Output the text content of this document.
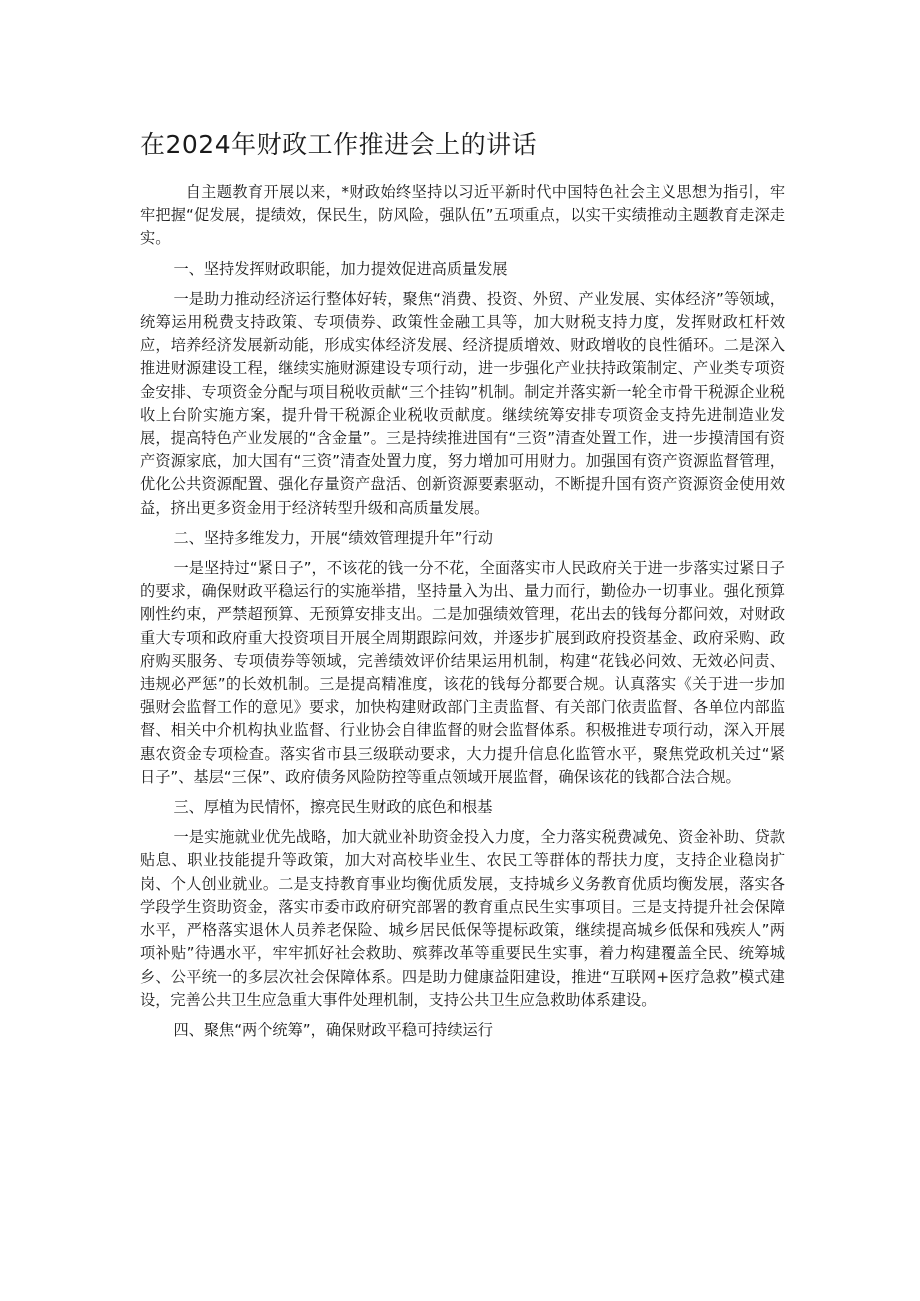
在2024年财政工作推进会上的讲话

自主题教育开展以来，*财政始终坚持以习近平新时代中国特色社会主义思想为指引，牢牢把握“促发展，提绩效，保民生，防风险，强队伍”五项重点，以实干实绩推动主题教育走深走实。

一、坚持发挥财政职能，加力提效促进高质量发展

一是助力推动经济运行整体好转，聚焦“消费、投资、外贸、产业发展、实体经济”等领域，统筹运用税费支持政策、专项债券、政策性金融工具等，加大财税支持力度，发挥财政杠杆效应，培养经济发展新动能，形成实体经济发展、经济提质增效、财政增收的良性循环。二是深入推进财源建设工程，继续实施财源建设专项行动，进一步强化产业扶持政策制定、产业类专项资金安排、专项资金分配与项目税收贡献“三个挂钩”机制。制定并落实新一轮全市骨干税源企业税收上台阶实施方案，提升骨干税源企业税收贡献度。继续统筹安排专项资金支持先进制造业发展，提高特色产业发展的“含金量”。三是持续推进国有“三资”清查处置工作，进一步摸清国有资产资源家底，加大国有“三资”清查处置力度，努力增加可用财力。加强国有资产资源监督管理，优化公共资源配置、强化存量资产盘活、创新资源要素驱动，不断提升国有资产资源资金使用效益，挤出更多资金用于经济转型升级和高质量发展。

二、坚持多维发力，开展“绩效管理提升年”行动

一是坚持过“紧日子”，不该花的钱一分不花，全面落实市人民政府关于进一步落实过紧日子的要求，确保财政平稳运行的实施举措，坚持量入为出、量力而行，勤俭办一切事业。强化预算刚性约束，严禁超预算、无预算安排支出。二是加强绩效管理，花出去的钱每分都问效，对财政重大专项和政府重大投资项目开展全周期跟踪问效，并逐步扩展到政府投资基金、政府采购、政府购买服务、专项债券等领域，完善绩效评价结果运用机制，构建“花钱必问效、无效必问责、违规必严惩”的长效机制。三是提高精准度，该花的钱每分都要合规。认真落实《关于进一步加强财会监督工作的意见》要求，加快构建财政部门主责监督、有关部门依责监督、各单位内部监督、相关中介机构执业监督、行业协会自律监督的财会监督体系。积极推进专项行动，深入开展惠农资金专项检查。落实省市县三级联动要求，大力提升信息化监管水平，聚焦党政机关过“紧日子”、基层“三保”、政府债务风险防控等重点领域开展监督，确保该花的钱都合法合规。

三、厚植为民情怀，擦亮民生财政的底色和根基

一是实施就业优先战略，加大就业补助资金投入力度，全力落实税费减免、资金补助、贷款贴息、职业技能提升等政策，加大对高校毕业生、农民工等群体的帮扶力度，支持企业稳岗扩岗、个人创业就业。二是支持教育事业均衡优质发展，支持城乡义务教育优质均衡发展，落实各学段学生资助资金，落实市委市政府研究部署的教育重点民生实事项目。三是支持提升社会保障水平，严格落实退休人员养老保险、城乡居民低保等提标政策，继续提高城乡低保和残疾人”两项补贴”待遇水平，牢牢抓好社会救助、殡葬改革等重要民生实事，着力构建覆盖全民、统筹城乡、公平统一的多层次社会保障体系。四是助力健康益阳建设，推进“互联网+医疗急救”模式建设，完善公共卫生应急重大事件处理机制，支持公共卫生应急救助体系建设。

四、聚焦“两个统筹”，确保财政平稳可持续运行
